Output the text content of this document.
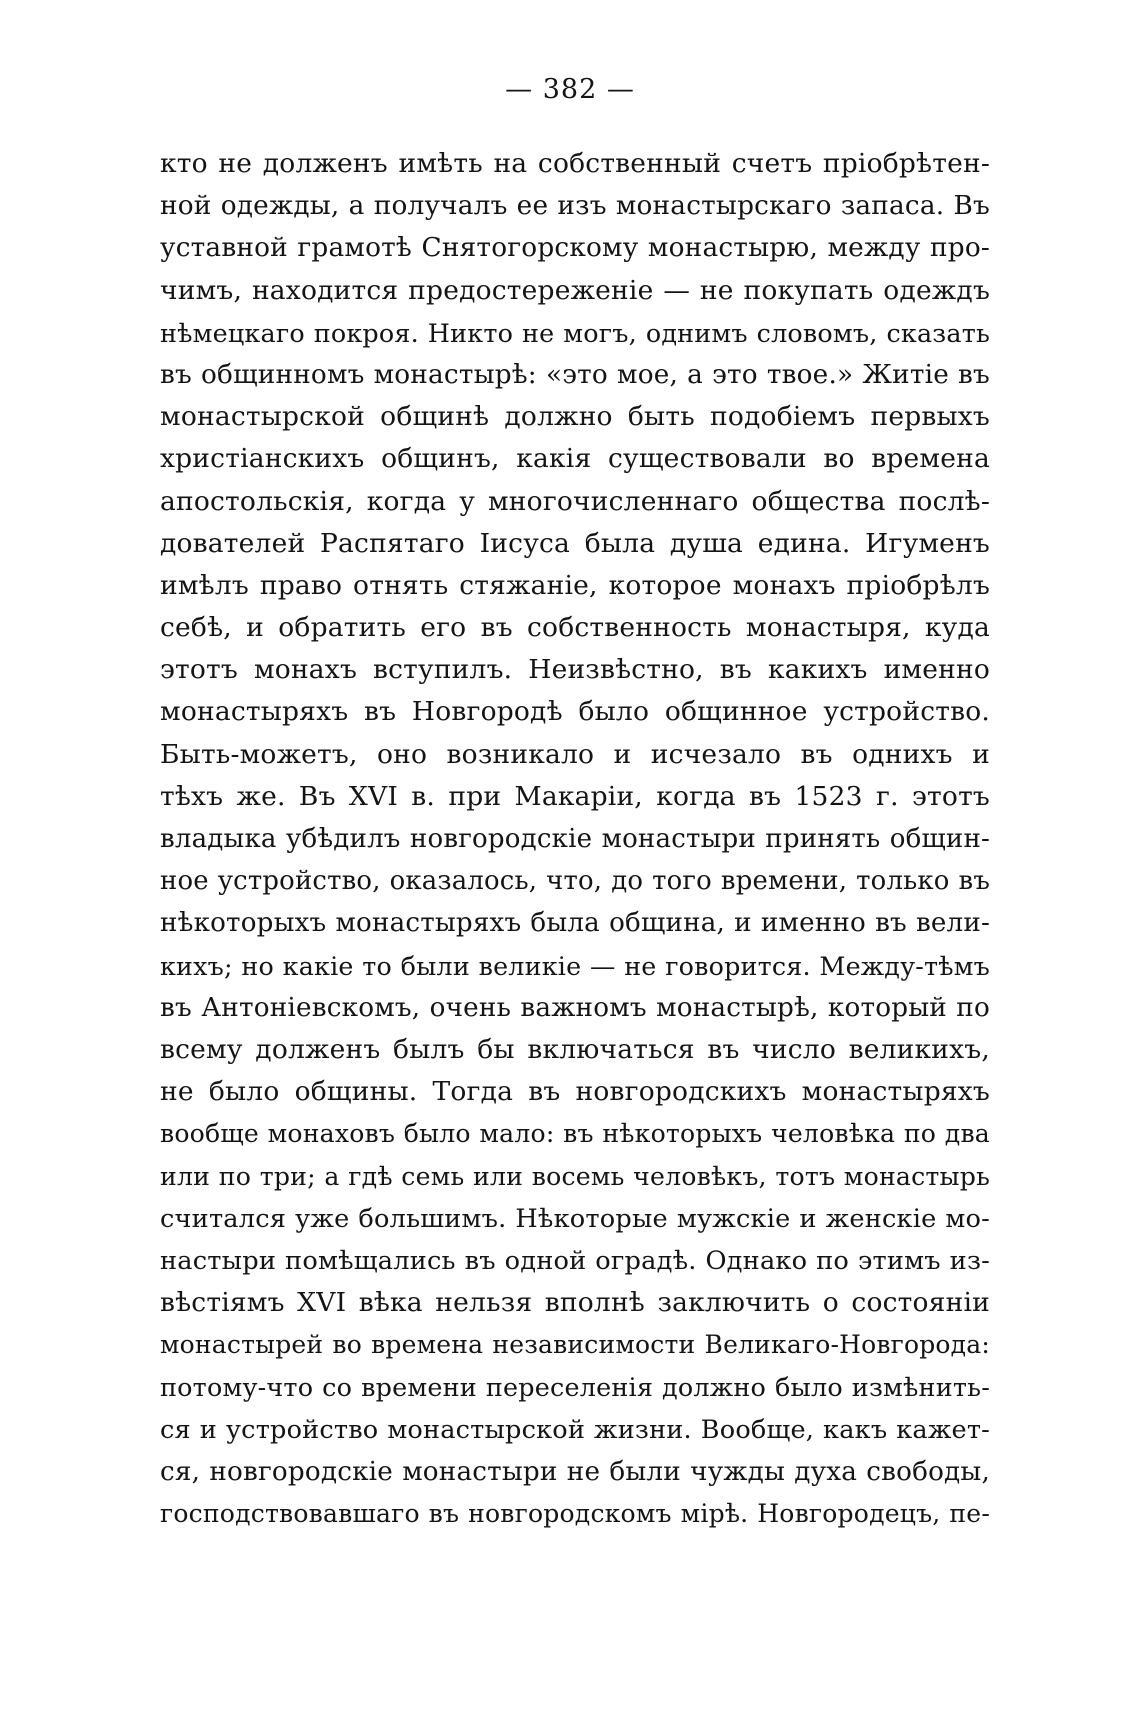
— 382 —
кто не долженъ имѣть на собственный счетъ пріобрѣтен-
ной одежды, а получалъ ее изъ монастырскаго запаса. Въ
уставной грамотѣ Снятогорскому монастырю, между про-
чимъ, находится предостереженіе — не покупать одеждъ
нѣмецкаго покроя. Никто не могъ, однимъ словомъ, сказать
въ общинномъ монастырѣ: «это мое, а это твое.» Житіе въ
монастырской общинѣ должно быть подобіемъ первыхъ
христіанскихъ общинъ, какія существовали во времена
апостольскія, когда у многочисленнаго общества послѣ-
дователей Распятаго Іисуса была душа едина. Игуменъ
имѣлъ право отнять стяжаніе, которое монахъ пріобрѣлъ
себѣ, и обратить его въ собственность монастыря, куда
этотъ монахъ вступилъ. Неизвѣстно, въ какихъ именно
монастыряхъ въ Новгородѣ было общинное устройство.
Быть-можетъ, оно возникало и исчезало въ однихъ и
тѣхъ же. Въ XVI в. при Макаріи, когда въ 1523 г. этотъ
владыка убѣдилъ новгородскіе монастыри принять общин-
ное устройство, оказалось, что, до того времени, только въ
нѣкоторыхъ монастыряхъ была община, и именно въ вели-
кихъ; но какіе то были великіе — не говорится. Между-тѣмъ
въ Антоніевскомъ, очень важномъ монастырѣ, который по
всему долженъ былъ бы включаться въ число великихъ,
не было общины. Тогда въ новгородскихъ монастыряхъ
вообще монаховъ было мало: въ нѣкоторыхъ человѣка по два
или по три; а гдѣ семь или восемь человѣкъ, тотъ монастырь
считался уже большимъ. Нѣкоторые мужскіе и женскіе мо-
настыри помѣщались въ одной оградѣ. Однако по этимъ из-
вѣстіямъ XVI вѣка нельзя вполнѣ заключить о состояніи
монастырей во времена независимости Великаго-Новгорода:
потому-что со времени переселенія должно было измѣнить-
ся и устройство монастырской жизни. Вообще, какъ кажет-
ся, новгородскіе монастыри не были чужды духа свободы,
господствовавшаго въ новгородскомъ мірѣ. Новгородецъ, пе-
